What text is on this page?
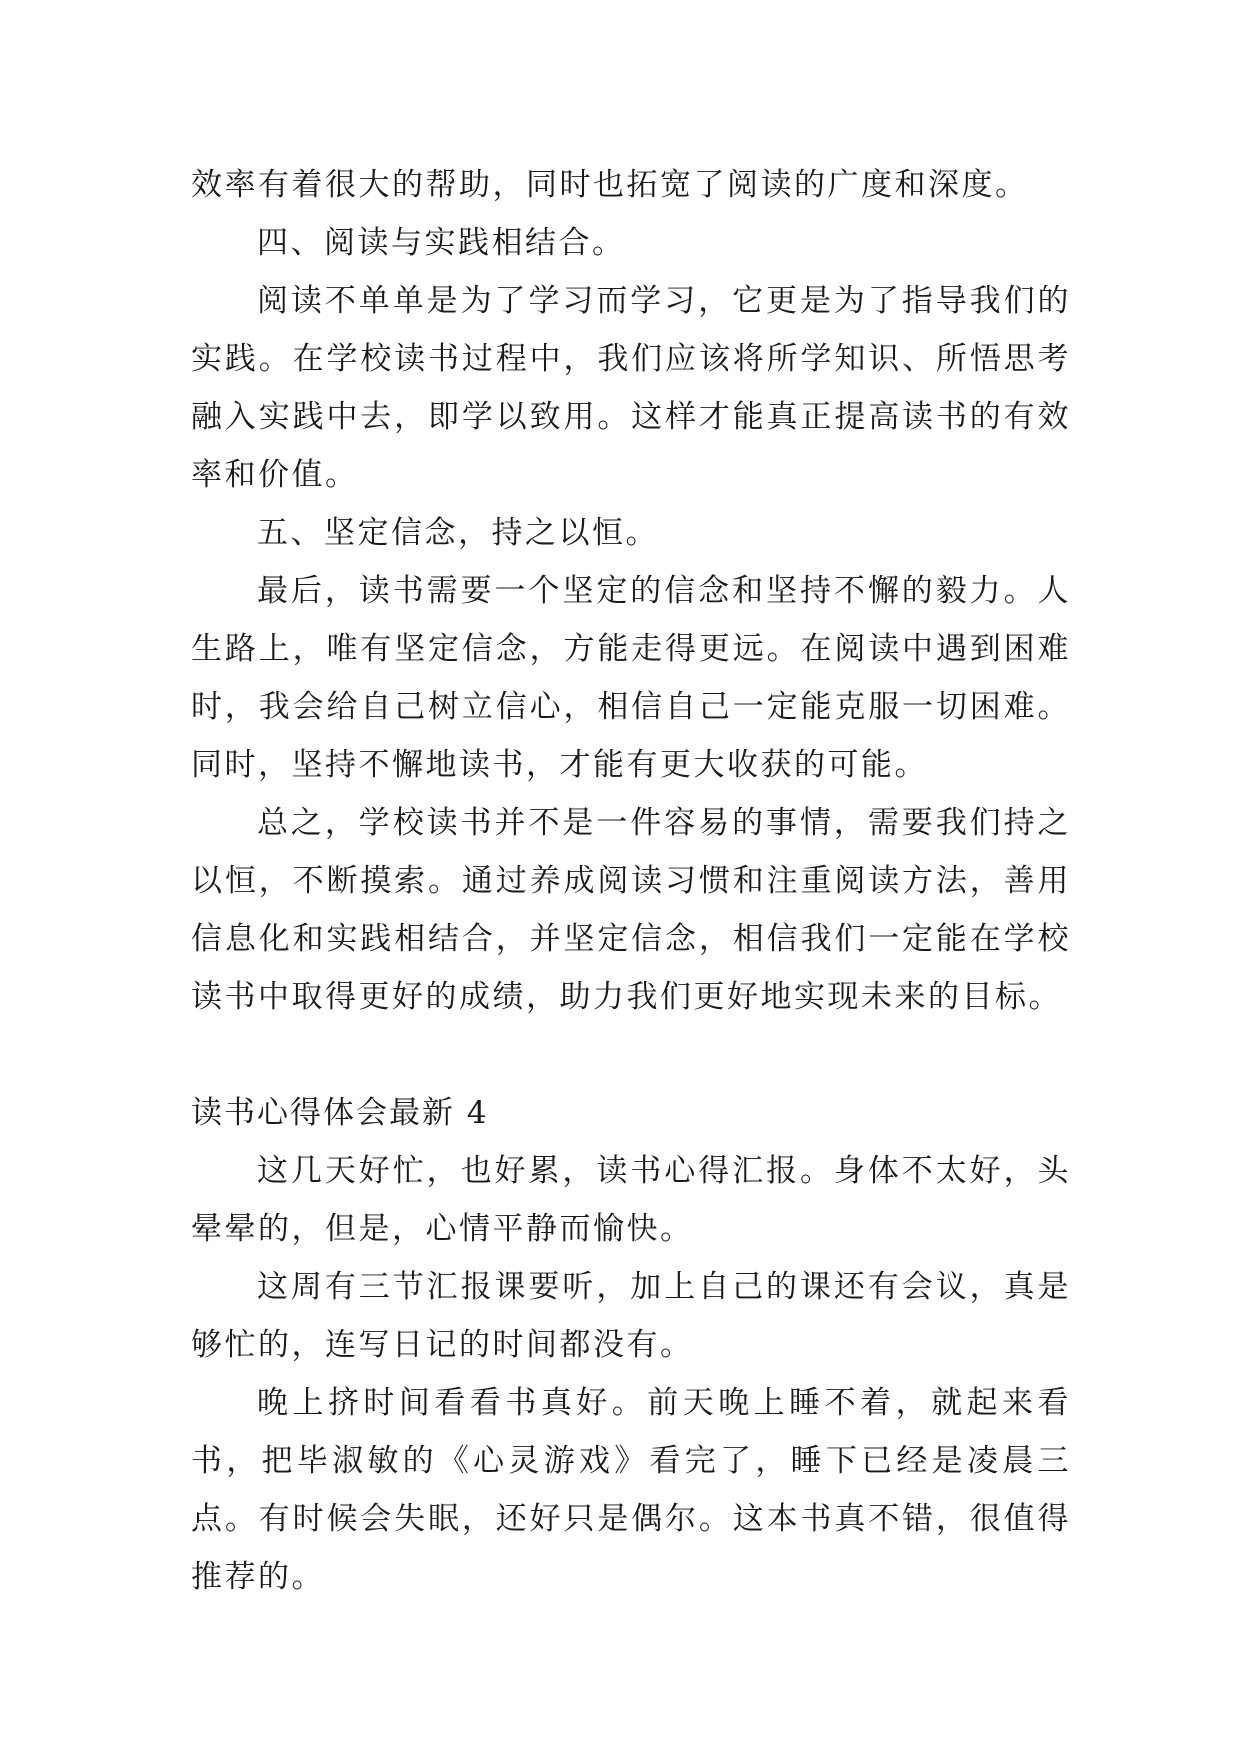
效率有着很大的帮助，同时也拓宽了阅读的广度和深度。

四、阅读与实践相结合。

阅读不单单是为了学习而学习，它更是为了指导我们的实践。在学校读书过程中，我们应该将所学知识、所悟思考融入实践中去，即学以致用。这样才能真正提高读书的有效率和价值。

五、坚定信念，持之以恒。

最后，读书需要一个坚定的信念和坚持不懈的毅力。人生路上，唯有坚定信念，方能走得更远。在阅读中遇到困难时，我会给自己树立信心，相信自己一定能克服一切困难。同时，坚持不懈地读书，才能有更大收获的可能。

总之，学校读书并不是一件容易的事情，需要我们持之以恒，不断摸索。通过养成阅读习惯和注重阅读方法，善用信息化和实践相结合，并坚定信念，相信我们一定能在学校读书中取得更好的成绩，助力我们更好地实现未来的目标。

读书心得体会最新 4

这几天好忙，也好累，读书心得汇报。身体不太好，头晕晕的，但是，心情平静而愉快。

这周有三节汇报课要听，加上自己的课还有会议，真是够忙的，连写日记的时间都没有。

晚上挤时间看看书真好。前天晚上睡不着，就起来看书，把毕淑敏的《心灵游戏》看完了，睡下已经是凌晨三点。有时候会失眠，还好只是偶尔。这本书真不错，很值得推荐的。
